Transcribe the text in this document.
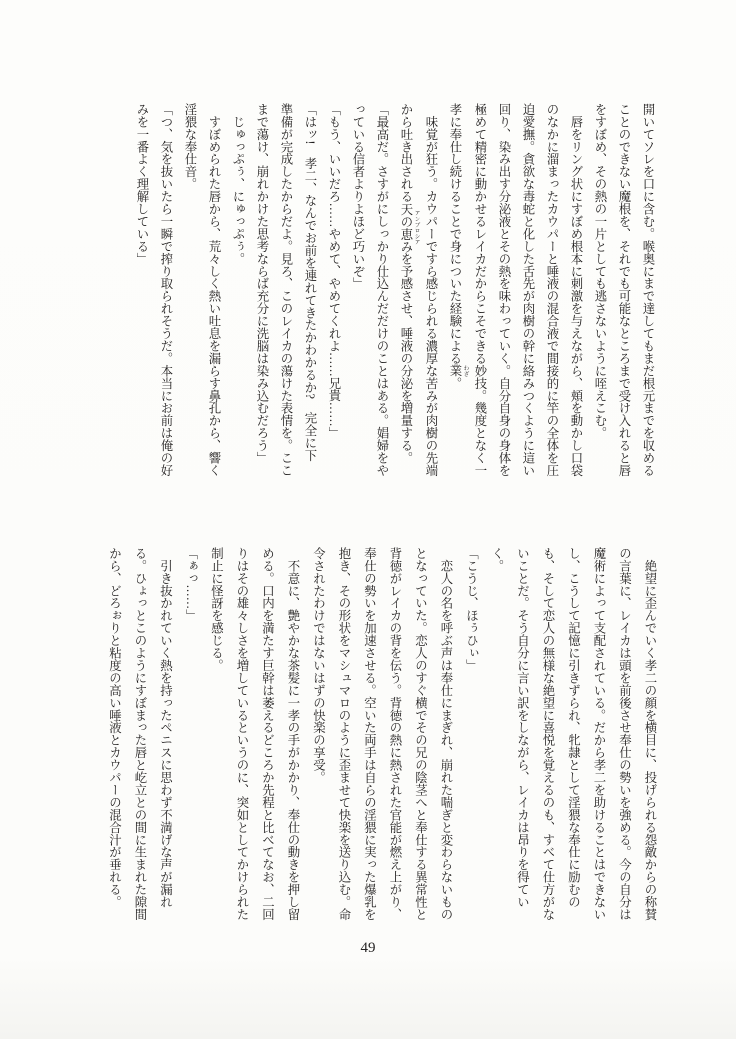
開いてソレを口に含む。喉奥にまで達してもまだ根元までを収める

ことのできない魔根を、それでも可能なところまで受け入れると唇

をすぼめ、その熱の一片としても逃さないように咥えこむ。

　唇をリング状にすぼめ根本に刺激を与えながら、頬を動かし口袋

のなかに溜まったカウパーと唾液の混合液で間接的に竿の全体を圧

迫愛撫。貪欲な毒蛇と化した舌先が肉樹の幹に絡みつくように這い

回り、染み出す分泌液とその熱を味わっていく。自分自身の身体を

極めて精密に動かせるレイカだからこそできる妙技。幾度となく一

孝に奉仕し続けることで身についた経験による業 わざ。

　味覚が狂う。カウパーですら感じられる濃厚な苦みが肉樹の先端

から吐き出される天の恵み アンブロシアを予感させ、唾液の分泌を増量する。

「最高だ。さすがにしっかり仕込んだだけのことはある。娼婦をや

っている信者よりよほど巧いぞ」

「もう、いいだろ……やめて、やめてくれよ……兄貴……」

「はッ!　孝二、なんでお前を連れてきたかわかるか?　完全に下

準備が完成したからだよ。見ろ、このレイカの蕩けた表情を。ここ

まで蕩け、崩れかけた思考ならば充分に洗脳は染み込むだろう」

　じゅっぷぅ、にゅっぷぅ。

　すぼめられた唇から、荒々しく熱い吐息を漏らす鼻孔から、響く

淫猥な奉仕音。

「つ、気を抜いたら一瞬で搾り取られそうだ。本当にお前は俺の好

みを一番よく理解している」

　絶望に歪んでいく孝二の顔を横目に、投げられる怨敵からの称賛

の言葉に、レイカは頭を前後させ奉仕の勢いを強める。今の自分は

魔術によって支配されている。だから孝二を助けることはできない

し、こうして記憶に引きずられ、牝隷として淫猥な奉仕に励むの

も、そして恋人の無様な絶望に喜悦を覚えるのも、すべて仕方がな

いことだ。そう自分に言い訳をしながら、レイカは昂りを得てい

く。

「こうじ、ほぅひぃ」

　恋人の名を呼ぶ声は奉仕にまぎれ、崩れた喘ぎと変わらないもの

となっていた。恋人のすぐ横でその兄の陰茎へと奉仕する異常性と

背徳がレイカの背を伝う。背徳の熱に熱された官能が燃え上がり、

奉仕の勢いを加速させる。空いた両手は自らの淫猥に実った爆乳を

抱き、その形状をマシュマロのように歪ませて快楽を送り込む。命

令されたわけではないはずの快楽の享受。

　不意に、艶やかな茶髪に一孝の手がかかり、奉仕の動きを押し留

める。口内を満たす巨幹は萎えるどころか先程と比べてなお、二回

りはその雄々しさを増しているというのに、突如としてかけられた

制止に怪訝を感じる。

「ぁっ……」

　引き抜かれていく熱を持ったペニスに思わず不満げな声が漏れ

る。ひょっとこのようにすぼまった唇と屹立との間に生まれた隙間

から、どろぉりと粘度の高い唾液とカウパーの混合汁が垂れる。

49
